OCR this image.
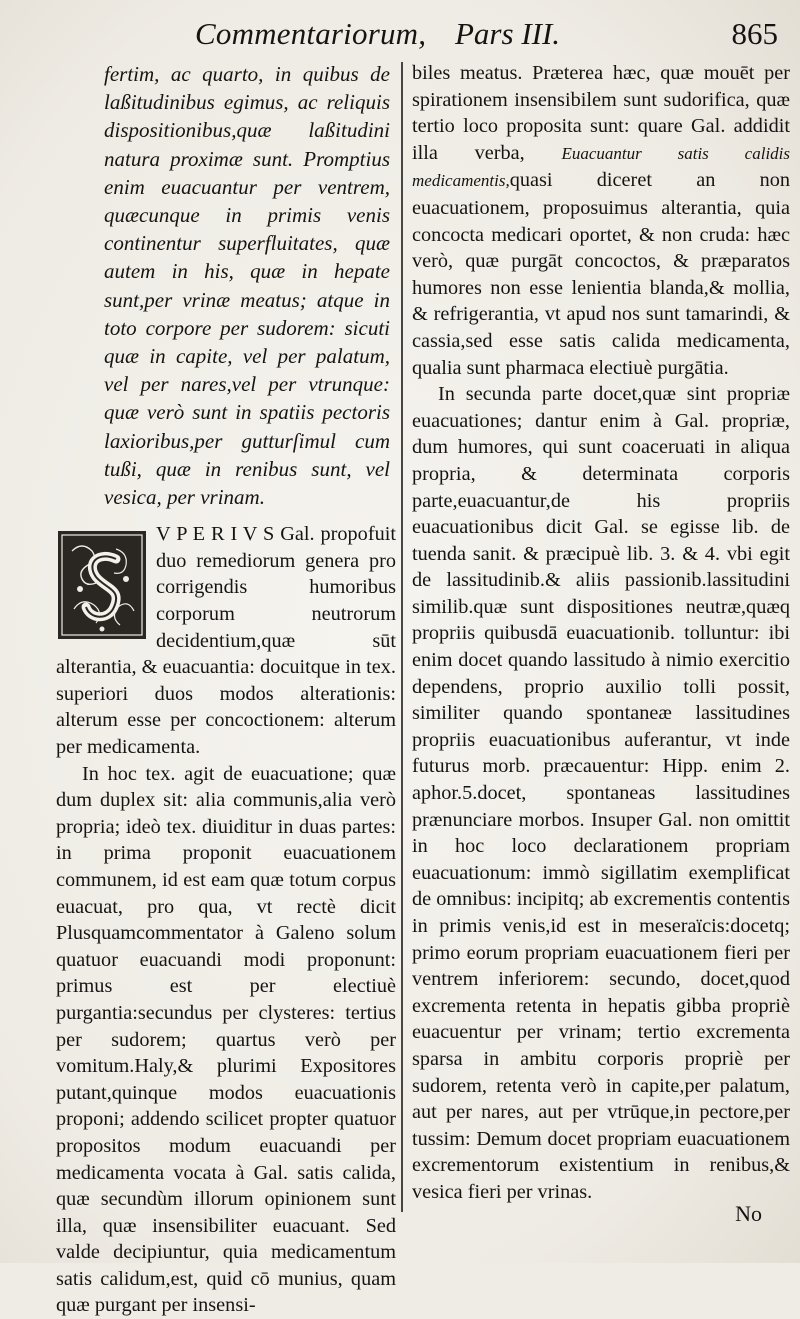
Commentariorum, Pars III.	865

fertim, ac quarto, in quibus de laßitudinibus egimus, ac reliquis dispositionibus,quæ laßitudini natura proximæ sunt. Promptius enim euacuantur per ventrem, quæcunque in primis venis continentur superfluitates, quæ autem in his, quæ in hepate sunt,per vrinæ meatus; atque in toto corpore per sudorem: sicuti quæ in capite, vel per palatum, vel per nares,vel per vtrunque: quæ verò sunt in spatiis pectoris laxioribus,per gutturſimul cum tußi, quæ in renibus sunt, vel vesica, per vrinam.

V P E R I V S Gal. propofuit duo remediorum genera pro corrigendis humoribus corporum neutrorum decidentium,quæ sūt alterantia, & euacuantia: docuitque in tex. superiori duos modos alterationis: alterum esse per concoctionem: alterum per medicamenta.

In hoc tex. agit de euacuatione; quæ dum duplex sit: alia communis,alia verò propria; ideò tex. diuiditur in duas partes: in prima proponit euacuationem communem, id est eam quæ totum corpus euacuat, pro qua, vt rectè dicit Plusquamcommentator à Galeno solum quatuor euacuandi modi proponunt: primus est per electiuè purgantia:secundus per clysteres: tertius per sudorem; quartus verò per vomitum.Haly,& plurimi Expositores putant,quinque modos euacuationis proponi; addendo scilicet propter quatuor propositos modum euacuandi per medicamenta vocata à Gal. satis calida, quæ secundùm illorum opinionem sunt illa, quæ insensibiliter euacuant. Sed valde decipiuntur, quia medicamentum satis calidum,est, quid cō munius, quam quæ purgant per insensi-

biles meatus. Præterea hæc, quæ mouēt per spirationem insensibilem sunt sudorifica, quæ tertio loco proposita sunt: quare Gal. addidit illa verba, Euacuantur satis calidis medicamentis,quasi diceret an non euacuationem, proposuimus alterantia, quia concocta medicari oportet, & non cruda: hæc verò, quæ purgāt concoctos, & præparatos humores non esse lenientia blanda,& mollia, & refrigerantia, vt apud nos sunt tamarindi, & cassia,sed esse satis calida medicamenta, qualia sunt pharmaca electiuè purgātia.

In secunda parte docet,quæ sint propriæ euacuationes; dantur enim à Gal. propriæ, dum humores, qui sunt coaceruati in aliqua propria, & determinata corporis parte,euacuantur,de his propriis euacuationibus dicit Gal. se egisse lib. de tuenda sanit. & præcipuè lib. 3. & 4. vbi egit de lassitudinib.& aliis passionib.lassitudini similib.quæ sunt dispositiones neutræ,quæq propriis quibusdā euacuationib. tolluntur: ibi enim docet quando lassitudo à nimio exercitio dependens, proprio auxilio tolli possit, similiter quando spontaneæ lassitudines propriis euacuationibus auferantur, vt inde futurus morb. præcauentur: Hipp. enim 2. aphor.5.docet, spontaneas lassitudines prænunciare morbos. Insuper Gal. non omittit in hoc loco declarationem propriam euacuationum: immò sigillatim exemplificat de omnibus: incipitq; ab excrementis contentis in primis venis,id est in meseraïcis:docetq; primo eorum propriam euacuationem fieri per ventrem inferiorem: secundo, docet,quod excrementa retenta in hepatis gibba propriè euacuentur per vrinam; tertio excrementa sparsa in ambitu corporis propriè per sudorem, retenta verò in capite,per palatum, aut per nares, aut per vtrūque,in pectore,per tussim: Demum docet propriam euacuationem excrementorum existentium in renibus,& vesica fieri per vrinas.

No
